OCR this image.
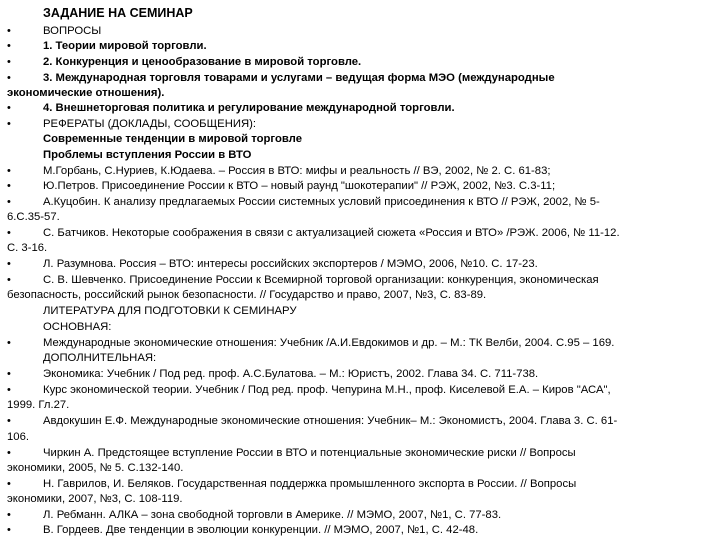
ЗАДАНИЕ НА СЕМИНАР
•	ВОПРОСЫ
•	1. Теории мировой торговли.
•	2. Конкуренция и ценообразование в мировой торговле.
•	3. Международная торговля товарами и услугами – ведущая форма МЭО (международные
экономические отношения).
•	4. Внешнеторговая политика и регулирование международной торговли.
•	РЕФЕРАТЫ (ДОКЛАДЫ, СООБЩЕНИЯ):
Современные тенденции в мировой торговле
Проблемы вступления России в ВТО
•	М.Горбань, С.Нуриев, К.Юдаева. – Россия в ВТО: мифы и реальность // ВЭ, 2002, № 2. С. 61-83;
•	Ю.Петров. Присоединение России к ВТО – новый раунд "шокотерапии" // РЭЖ, 2002, №3. С.3-11;
•	А.Куцобин. К анализу предлагаемых России системных условий присоединения к ВТО // РЭЖ, 2002, № 5-
6.С.35-57.
•	С. Батчиков. Некоторые соображения в связи с актуализацией сюжета «Россия и ВТО» /РЭЖ. 2006, № 11-12.
С. 3-16.
•	Л. Разумнова. Россия – ВТО: интересы российских экспортеров / МЭМО, 2006, №10. С. 17-23.
•	С. В. Шевченко. Присоединение России к Всемирной торговой организации: конкуренция, экономическая
безопасность, российский рынок безопасности. // Государство и право, 2007, №3, С. 83-89.
ЛИТЕРАТУРА ДЛЯ ПОДГОТОВКИ К СЕМИНАРУ
ОСНОВНАЯ:
•	Международные экономические отношения: Учебник /А.И.Евдокимов и др. – М.: ТК Велби, 2004. С.95 – 169.
ДОПОЛНИТЕЛЬНАЯ:
•	Экономика: Учебник / Под ред. проф. А.С.Булатова. – М.: Юристъ, 2002. Глава 34. С. 711-738.
•	Курс экономической теории. Учебник / Под ред. проф. Чепурина М.Н., проф. Киселевой Е.А. – Киров "АСА",
1999. Гл.27.
•	Авдокушин Е.Ф. Международные экономические отношения: Учебник– М.: Экономистъ, 2004. Глава 3. С. 61-
106.
•	Чиркин А. Предстоящее вступление России в ВТО и потенциальные экономические риски // Вопросы
экономики, 2005, № 5. С.132-140.
•	Н. Гаврилов, И. Беляков. Государственная поддержка промышленного экспорта в России. // Вопросы
экономики, 2007, №3, С. 108-119.
•	Л. Ребманн. АЛКА – зона свободной торговли в Америке. // МЭМО, 2007, №1, С. 77-83.
•	В. Гордеев. Две тенденции в эволюции конкуренции. // МЭМО, 2007, №1, С. 42-48.
